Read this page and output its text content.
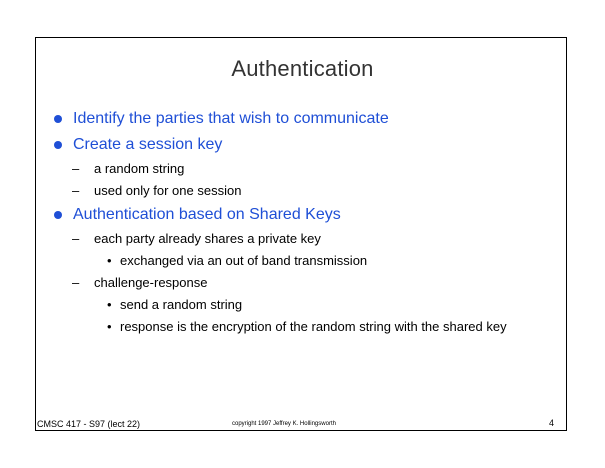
Authentication
Identify the parties that wish to communicate
Create a session key
– a random string
– used only for one session
Authentication based on Shared Keys
– each party already shares a private key
• exchanged via an out of band transmission
– challenge-response
• send a random string
• response is the encryption of the random string with the shared key
CMSC 417 - S97 (lect 22)	copyright 1997 Jeffrey K. Hollingsworth	4
